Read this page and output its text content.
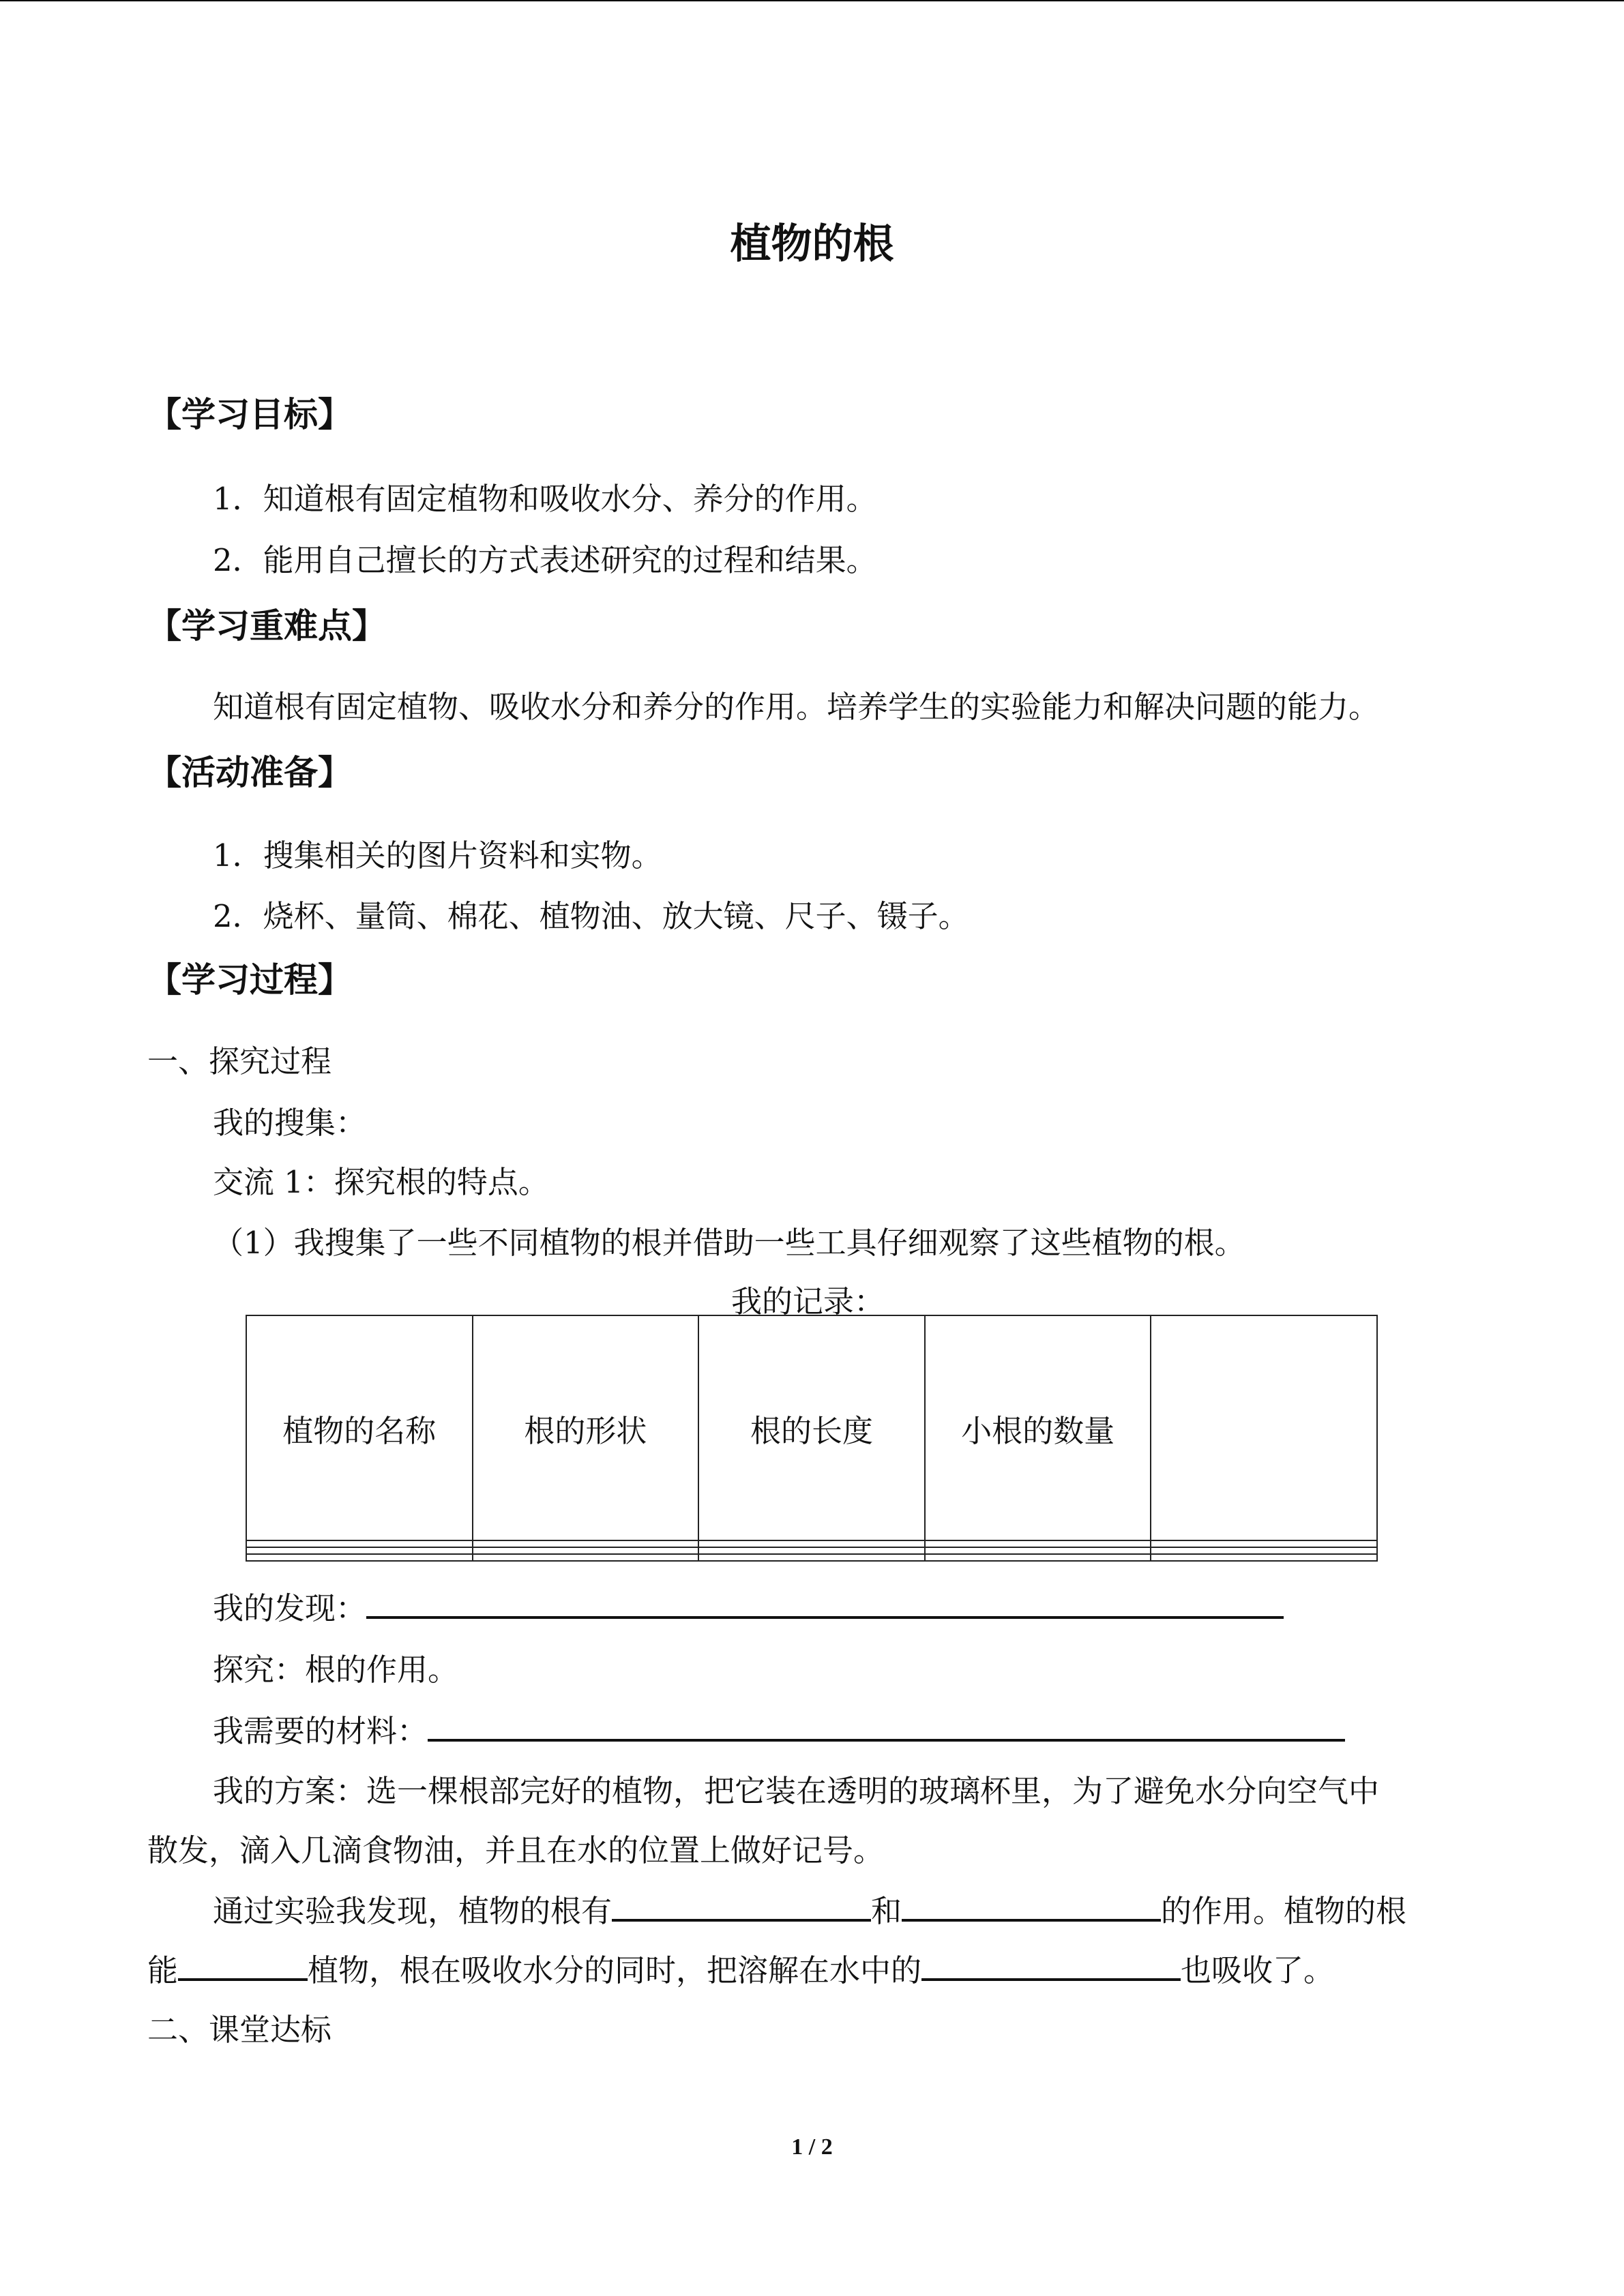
植物的根
【学习目标】
1．知道根有固定植物和吸收水分、养分的作用。
2．能用自己擅长的方式表述研究的过程和结果。
【学习重难点】
知道根有固定植物、吸收水分和养分的作用。培养学生的实验能力和解决问题的能力。
【活动准备】
1．搜集相关的图片资料和实物。
2．烧杯、量筒、棉花、植物油、放大镜、尺子、镊子。
【学习过程】
一、探究过程
我的搜集：
交流 1：探究根的特点。
（1）我搜集了一些不同植物的根并借助一些工具仔细观察了这些植物的根。
我的记录：
植物的名称	根的形状	根的长度	小根的数量	

我的发现：
探究：根的作用。
我需要的材料：
我的方案：选一棵根部完好的植物，把它装在透明的玻璃杯里，为了避免水分向空气中
散发，滴入几滴食物油，并且在水的位置上做好记号。
通过实验我发现，植物的根有	和	的作用。植物的根
能	植物，根在吸收水分的同时，把溶解在水中的	也吸收了。
二、课堂达标
1 / 2
